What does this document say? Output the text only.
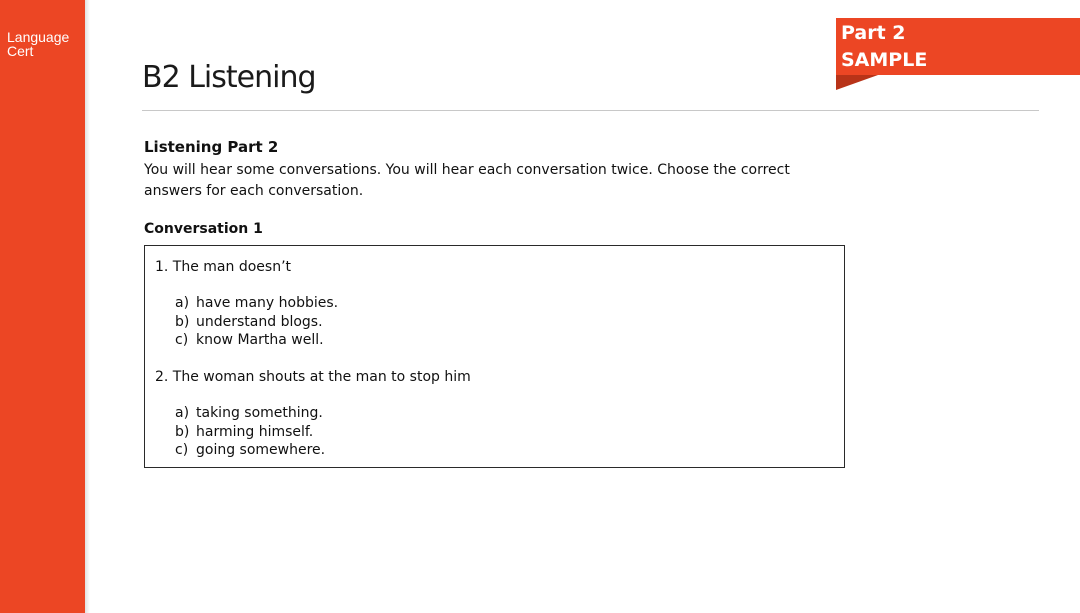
Language
Cert
B2 Listening
Part 2
SAMPLE
Listening Part 2

You will hear some conversations. You will hear each conversation twice. Choose the correct answers for each conversation.

Conversation 1
1. The man doesn’t
a) have many hobbies.
b) understand blogs.
c) know Martha well.
2. The woman shouts at the man to stop him
a) taking something.
b) harming himself.
c) going somewhere.
